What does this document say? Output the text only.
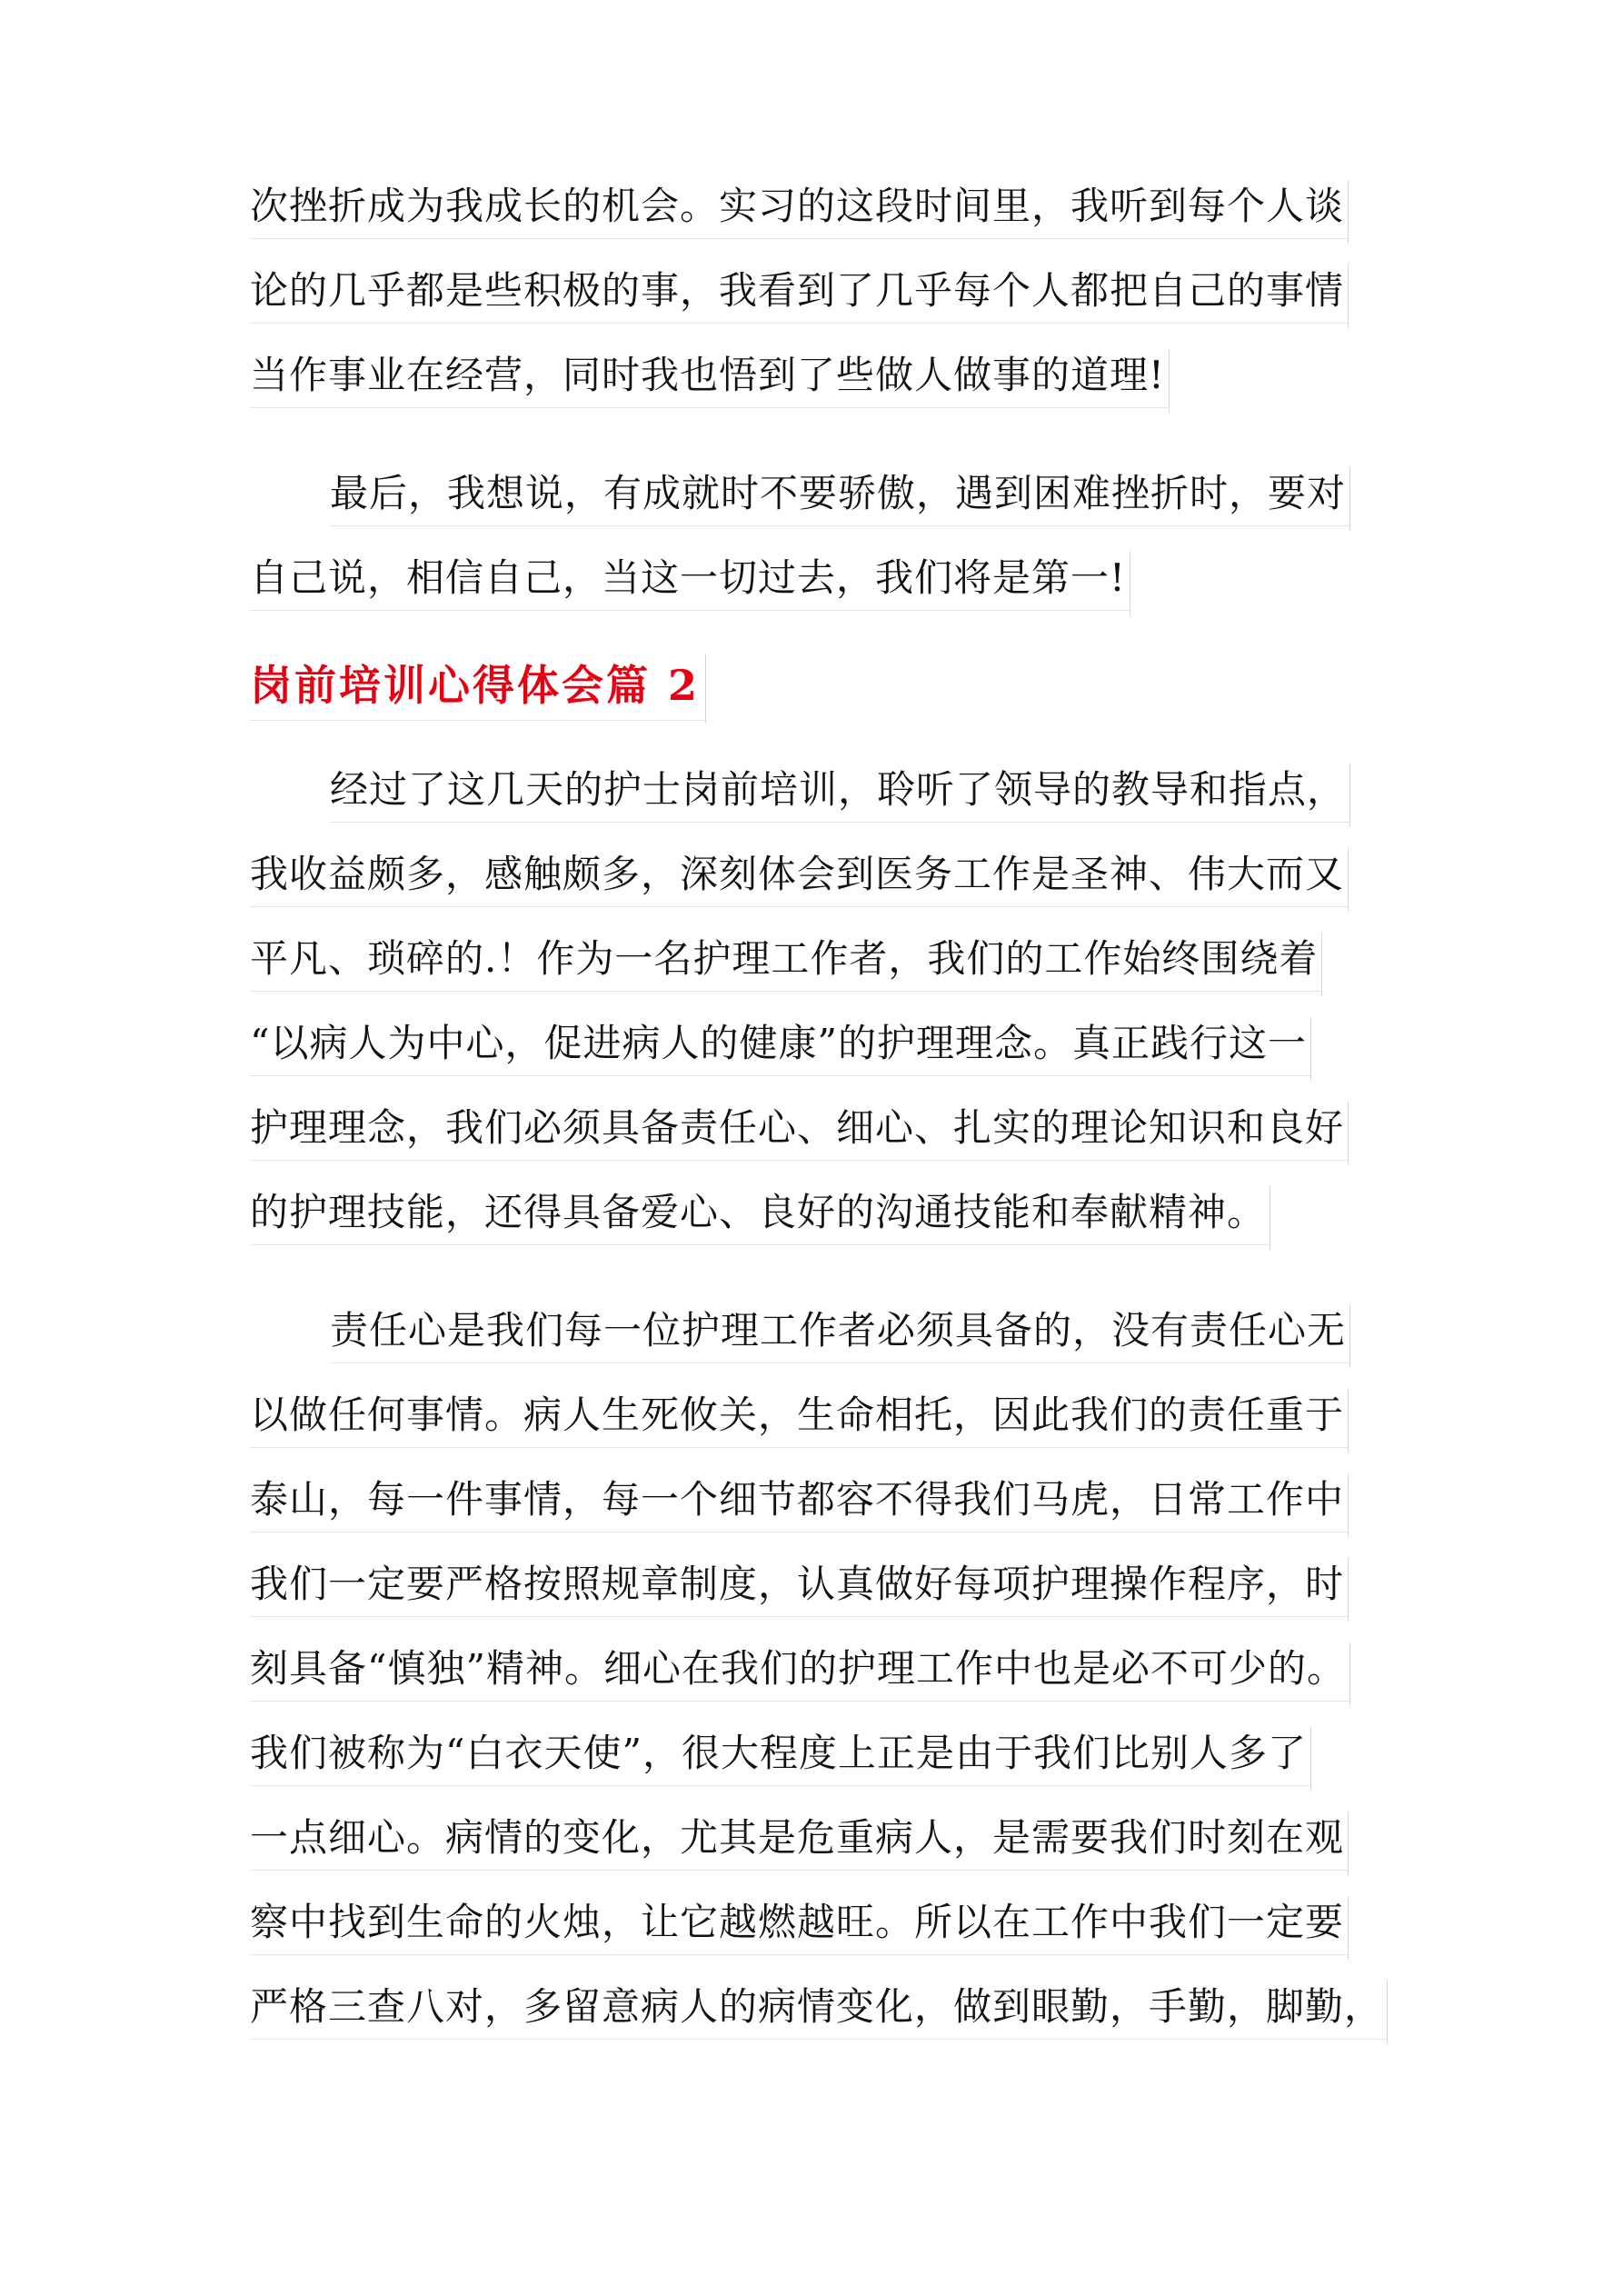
次挫折成为我成长的机会。实习的这段时间里，我听到每个人谈
论的几乎都是些积极的事，我看到了几乎每个人都把自己的事情
当作事业在经营，同时我也悟到了些做人做事的道理!
最后，我想说，有成就时不要骄傲，遇到困难挫折时，要对
自己说，相信自己，当这一切过去，我们将是第一!
岗前培训心得体会篇 2
经过了这几天的护士岗前培训，聆听了领导的教导和指点，
我收益颇多，感触颇多，深刻体会到医务工作是圣神、伟大而又
平凡、琐碎的.！作为一名护理工作者，我们的工作始终围绕着
“以病人为中心，促进病人的健康”的护理理念。真正践行这一
护理理念，我们必须具备责任心、细心、扎实的理论知识和良好
的护理技能，还得具备爱心、良好的沟通技能和奉献精神。
责任心是我们每一位护理工作者必须具备的，没有责任心无
以做任何事情。病人生死攸关，生命相托，因此我们的责任重于
泰山，每一件事情，每一个细节都容不得我们马虎，日常工作中
我们一定要严格按照规章制度，认真做好每项护理操作程序，时
刻具备“慎独”精神。细心在我们的护理工作中也是必不可少的。
我们被称为“白衣天使”，很大程度上正是由于我们比别人多了
一点细心。病情的变化，尤其是危重病人，是需要我们时刻在观
察中找到生命的火烛，让它越燃越旺。所以在工作中我们一定要
严格三查八对，多留意病人的病情变化，做到眼勤，手勤，脚勤，
